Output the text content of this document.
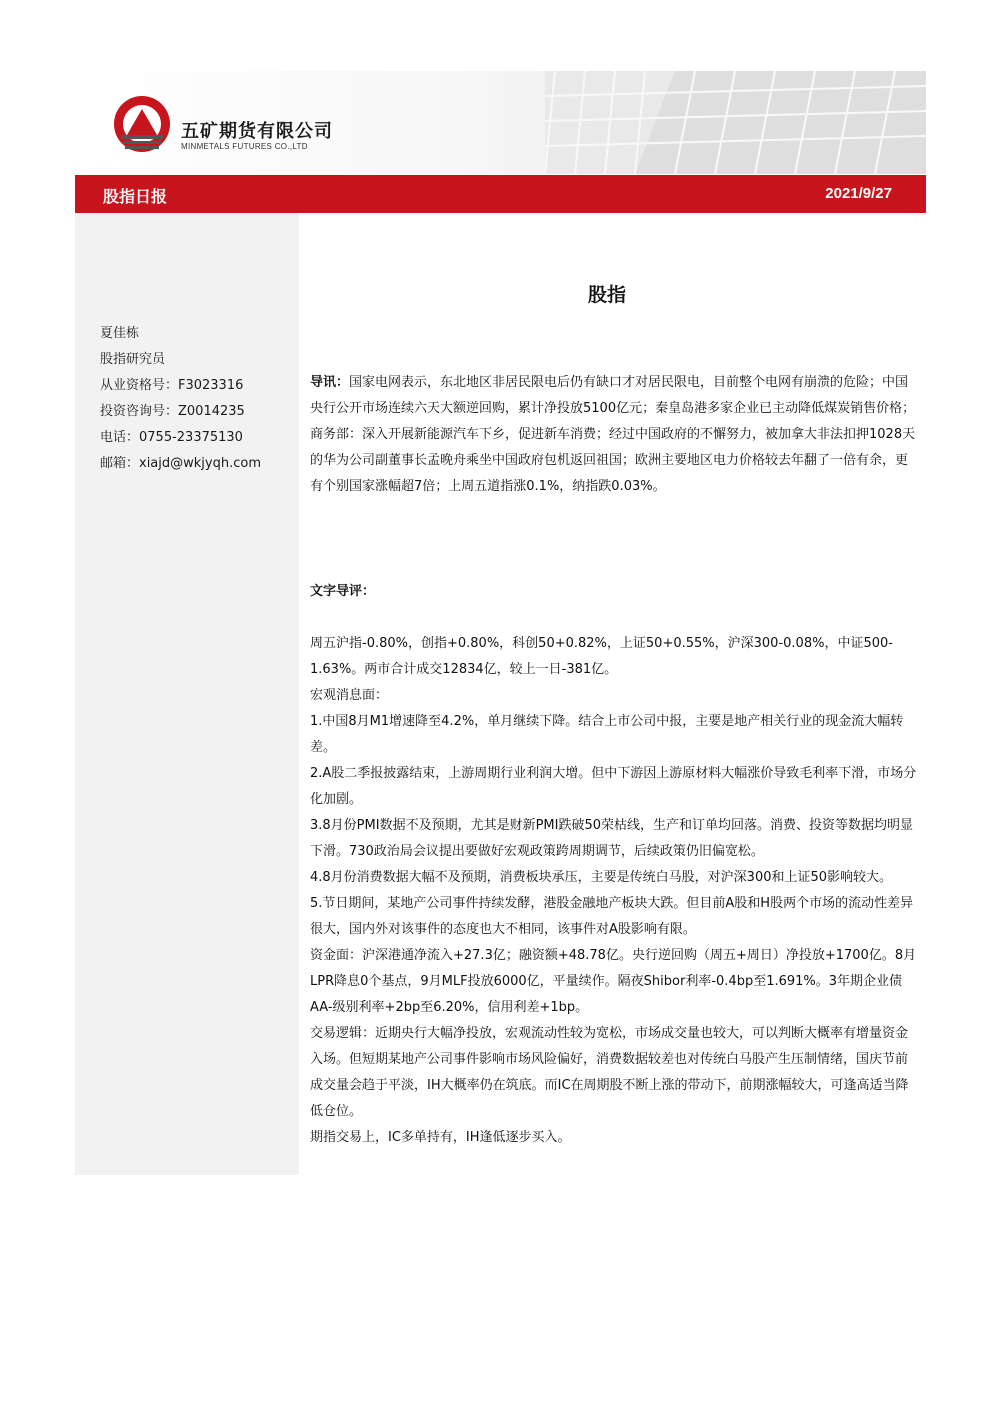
五矿期货有限公司
MINMETALS FUTURES CO.,LTD
股指日报	2021/9/27
夏佳栋
股指研究员
从业资格号：F3023316
投资咨询号：Z0014235
电话：0755-23375130
邮箱：xiajd@wkjyqh.com
股指

导讯：国家电网表示，东北地区非居民限电后仍有缺口才对居民限电，目前整个电网有崩溃的危险；中国央行公开市场连续六天大额逆回购，累计净投放5100亿元；秦皇岛港多家企业已主动降低煤炭销售价格；商务部：深入开展新能源汽车下乡，促进新车消费；经过中国政府的不懈努力，被加拿大非法扣押1028天的华为公司副董事长孟晚舟乘坐中国政府包机返回祖国；欧洲主要地区电力价格较去年翻了一倍有余，更有个别国家涨幅超7倍；上周五道指涨0.1%，纳指跌0.03%。

文字导评：

周五沪指-0.80%，创指+0.80%，科创50+0.82%，上证50+0.55%，沪深300-0.08%，中证500-1.63%。两市合计成交12834亿，较上一日-381亿。

宏观消息面：

1.中国8月M1增速降至4.2%，单月继续下降。结合上市公司中报，主要是地产相关行业的现金流大幅转差。

2.A股二季报披露结束，上游周期行业利润大增。但中下游因上游原材料大幅涨价导致毛利率下滑，市场分化加剧。

3.8月份PMI数据不及预期，尤其是财新PMI跌破50荣枯线，生产和订单均回落。消费、投资等数据均明显下滑。730政治局会议提出要做好宏观政策跨周期调节，后续政策仍旧偏宽松。

4.8月份消费数据大幅不及预期，消费板块承压，主要是传统白马股，对沪深300和上证50影响较大。

5.节日期间，某地产公司事件持续发酵，港股金融地产板块大跌。但目前A股和H股两个市场的流动性差异很大，国内外对该事件的态度也大不相同，该事件对A股影响有限。

资金面：沪深港通净流入+27.3亿；融资额+48.78亿。央行逆回购（周五+周日）净投放+1700亿。8月LPR降息0个基点，9月MLF投放6000亿，平量续作。隔夜Shibor利率-0.4bp至1.691%。3年期企业债AA-级别利率+2bp至6.20%，信用利差+1bp。

交易逻辑：近期央行大幅净投放，宏观流动性较为宽松，市场成交量也较大，可以判断大概率有增量资金入场。但短期某地产公司事件影响市场风险偏好，消费数据较差也对传统白马股产生压制情绪，国庆节前成交量会趋于平淡，IH大概率仍在筑底。而IC在周期股不断上涨的带动下，前期涨幅较大，可逢高适当降低仓位。

期指交易上，IC多单持有，IH逢低逐步买入。
